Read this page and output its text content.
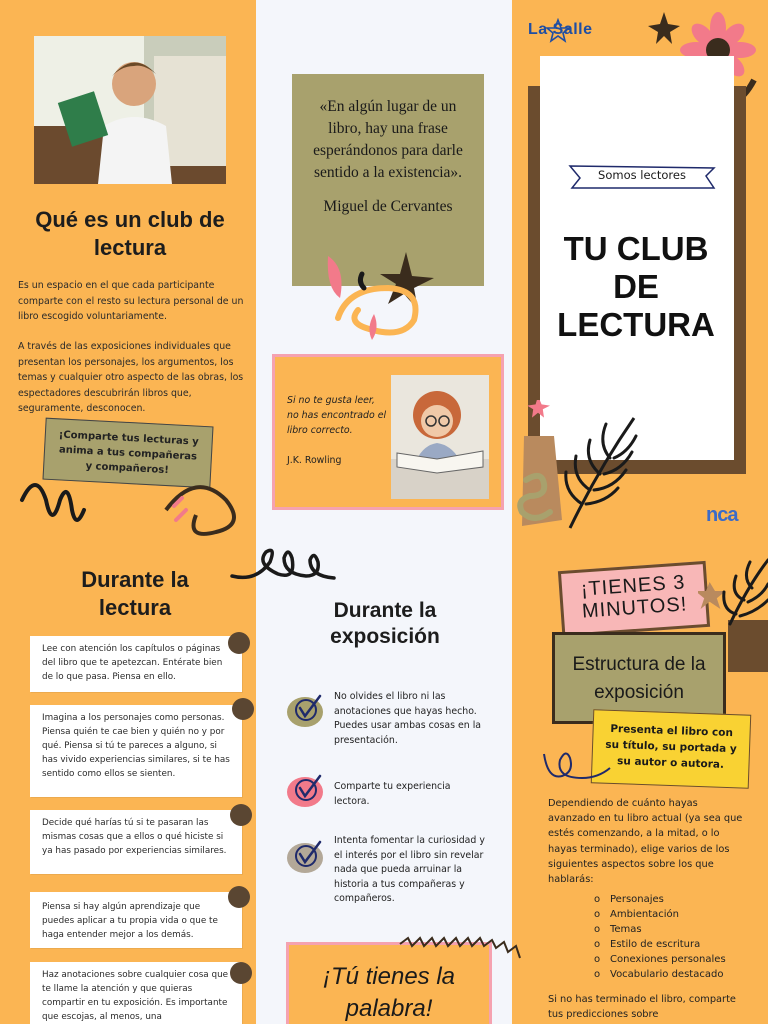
Qué es un club de lectura
Es un espacio en el que cada participante comparte con el resto su lectura personal de un libro escogido voluntariamente.
A través de las exposiciones individuales que presentan los personajes, los argumentos, los temas y cualquier otro aspecto de las obras, los espectadores descubrirán libros que, seguramente, desconocen.
¡Comparte tus lecturas y anima a tus compañeras y compañeros!
Durante la lectura
Lee con atención los capítulos o páginas del libro que te apetezcan. Entérate bien de lo que pasa. Piensa en ello.
Imagina a los personajes como personas. Piensa quién te cae bien y quién no y por qué. Piensa si tú te pareces a alguno, si has vivido experiencias similares, si te has sentido como ellos se sienten.
Decide qué harías tú si te pasaran las mismas cosas que a ellos o qué hiciste si ya has pasado por experiencias similares.
Piensa si hay algún aprendizaje que puedes aplicar a tu propia vida o que te haga entender mejor a los demás.
Haz anotaciones sobre cualquier cosa que te llame la atención y que quieras compartir en tu exposición. Es importante que escojas, al menos, una
«En algún lugar de un libro, hay una frase esperándonos para darle sentido a la existencia».
Miguel de Cervantes
Si no te gusta leer, no has encontrado el libro correcto.
J.K. Rowling
Durante la exposición
No olvides el libro ni las anotaciones que hayas hecho. Puedes usar ambas cosas en la presentación.
Comparte tu experiencia lectora.
Intenta fomentar la curiosidad y el interés por el libro sin revelar nada que pueda arruinar la historia a tus compañeras y compañeros.
¡Tú tienes la palabra!
La Salle
Somos lectores
TU CLUB DE LECTURA
nca
¡TIENES 3 MINUTOS!
Estructura de la exposición
Presenta el libro con su título, su portada y su autor o autora.
Dependiendo de cuánto hayas avanzado en tu libro actual (ya sea que estés comenzando, a la mitad, o lo hayas terminado), elige varios de los siguientes aspectos sobre los que hablarás:
o Personajes
o Ambientación
o Temas
o Estilo de escritura
o Conexiones personales
o Vocabulario destacado
Si no has terminado el libro, comparte tus predicciones sobre
